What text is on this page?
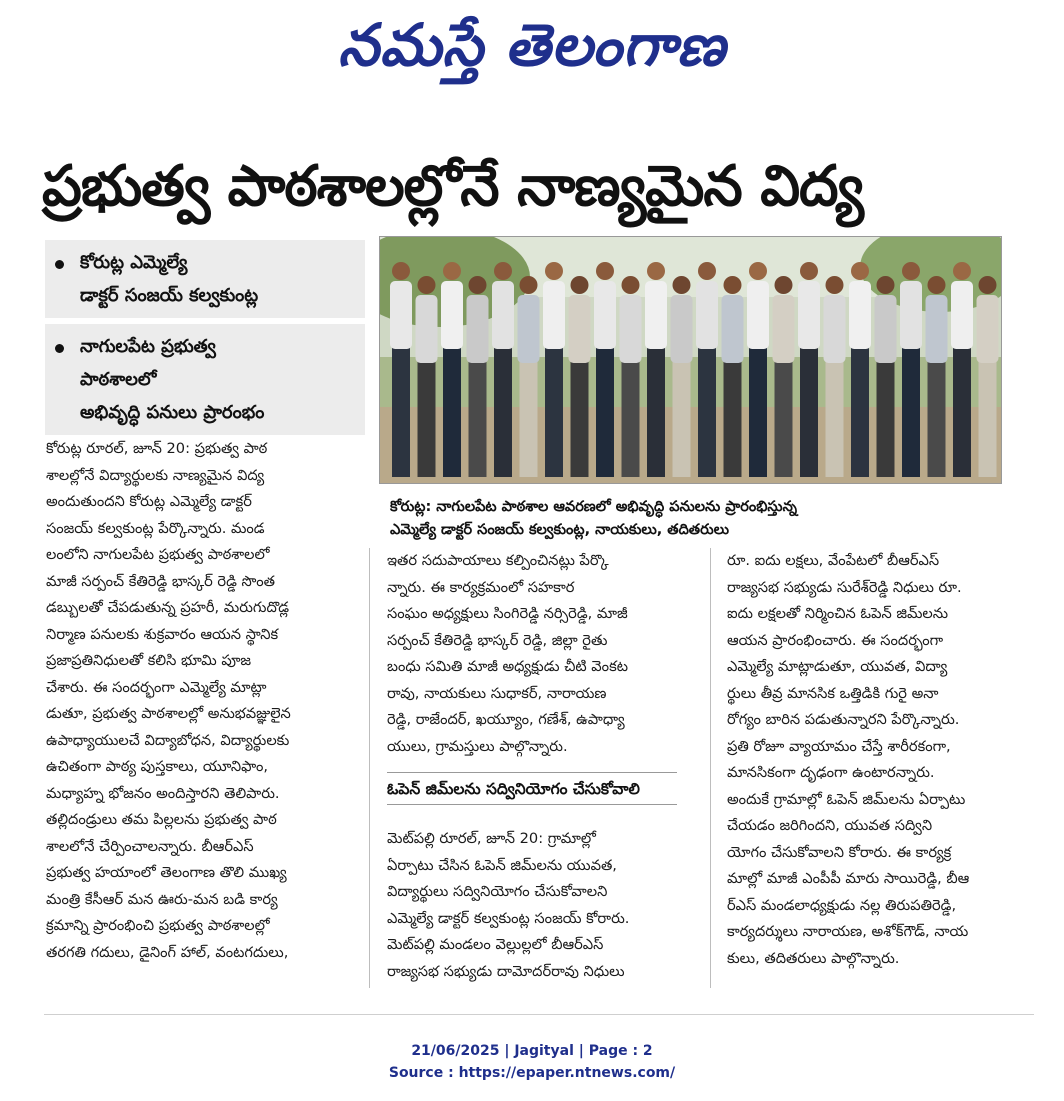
నమస్తే తెలంగాణ
ప్రభుత్వ పాఠశాలల్లోనే నాణ్యమైన విద్య
కోరుట్ల ఎమ్మెల్యే
డాక్టర్ సంజయ్ కల్వకుంట్ల
నాగులపేట ప్రభుత్వ
పాఠశాలలో
అభివృద్ధి పనులు ప్రారంభం
కోరుట్ల: నాగులపేట పాఠశాల ఆవరణలో అభివృద్ధి పనులను ప్రారంభిస్తున్న
ఎమ్మెల్యే డాక్టర్ సంజయ్ కల్వకుంట్ల, నాయకులు, తదితరులు
కోరుట్ల రూరల్, జూన్ 20: ప్రభుత్వ పాఠ
శాలల్లోనే విద్యార్థులకు నాణ్యమైన విద్య
అందుతుందని కోరుట్ల ఎమ్మెల్యే డాక్టర్
సంజయ్ కల్వకుంట్ల పేర్కొన్నారు. మండ
లంలోని నాగులపేట ప్రభుత్వ పాఠశాలలో
మాజీ సర్పంచ్ కేతిరెడ్డి భాస్కర్ రెడ్డి సొంత
డబ్బులతో చేపడుతున్న ప్రహరీ, మరుగుదొడ్ల
నిర్మాణ పనులకు శుక్రవారం ఆయన స్థానిక
ప్రజాప్రతినిధులతో కలిసి భూమి పూజ
చేశారు. ఈ సందర్భంగా ఎమ్మెల్యే మాట్లా
డుతూ, ప్రభుత్వ పాఠశాలల్లో అనుభవజ్ఞులైన
ఉపాధ్యాయులచే విద్యాబోధన, విద్యార్థులకు
ఉచితంగా పాఠ్య పుస్తకాలు, యూనిఫాం,
మధ్యాహ్న భోజనం అందిస్తారని తెలిపారు.
తల్లిదండ్రులు తమ పిల్లలను ప్రభుత్వ పాఠ
శాలలోనే చేర్పించాలన్నారు. బీఆర్ఎస్
ప్రభుత్వ హయాంలో తెలంగాణ తొలి ముఖ్య
మంత్రి కేసీఆర్ మన ఊరు-మన బడి కార్య
క్రమాన్ని ప్రారంభించి ప్రభుత్వ పాఠశాలల్లో
తరగతి గదులు, డైనింగ్ హాల్, వంటగదులు,
ఇతర సదుపాయాలు కల్పించినట్లు పేర్కొ
న్నారు. ఈ కార్యక్రమంలో సహకార
సంఘం అధ్యక్షులు సింగిరెడ్డి నర్సిరెడ్డి, మాజీ
సర్పంచ్ కేతిరెడ్డి భాస్కర్ రెడ్డి, జిల్లా రైతు
బంధు సమితి మాజీ అధ్యక్షుడు చీటి వెంకట
రావు, నాయకులు సుధాకర్, నారాయణ
రెడ్డి, రాజేందర్, ఖయ్యూం, గణేశ్, ఉపాధ్యా
యులు, గ్రామస్తులు పాల్గొన్నారు.
ఓపెన్ జిమ్‌లను సద్వినియోగం చేసుకోవాలి
మెట్‌పల్లి రూరల్, జూన్ 20: గ్రామాల్లో
ఏర్పాటు చేసిన ఓపెన్ జిమ్‌లను యువత,
విద్యార్థులు సద్వినియోగం చేసుకోవాలని
ఎమ్మెల్యే డాక్టర్ కల్వకుంట్ల సంజయ్ కోరారు.
మెట్‌పల్లి మండలం వెల్లుల్లలో బీఆర్ఎస్
రాజ్యసభ సభ్యుడు దామోదర్‌రావు నిధులు
రూ. ఐదు లక్షలు, వేంపేటలో బీఆర్ఎస్
రాజ్యసభ సభ్యుడు సురేశ్‌రెడ్డి నిధులు రూ.
ఐదు లక్షలతో నిర్మించిన ఓపెన్ జిమ్‌లను
ఆయన ప్రారంభించారు. ఈ సందర్భంగా
ఎమ్మెల్యే మాట్లాడుతూ, యువత, విద్యా
ర్థులు తీవ్ర మానసిక ఒత్తిడికి గురై అనా
రోగ్యం బారిన పడుతున్నారని పేర్కొన్నారు.
ప్రతి రోజూ వ్యాయామం చేస్తే శారీరకంగా,
మానసికంగా దృఢంగా ఉంటారన్నారు.
అందుకే గ్రామాల్లో ఓపెన్ జిమ్‌లను ఏర్పాటు
చేయడం జరిగిందని, యువత సద్విని
యోగం చేసుకోవాలని కోరారు. ఈ కార్యక్ర
మాల్లో మాజీ ఎంపీపీ మారు సాయిరెడ్డి, బీఆ
ర్ఎస్ మండలాధ్యక్షుడు నల్ల తిరుపతిరెడ్డి,
కార్యదర్శులు నారాయణ, అశోక్‌గౌడ్, నాయ
కులు, తదితరులు పాల్గొన్నారు.
21/06/2025 | Jagityal | Page : 2
Source : https://epaper.ntnews.com/
